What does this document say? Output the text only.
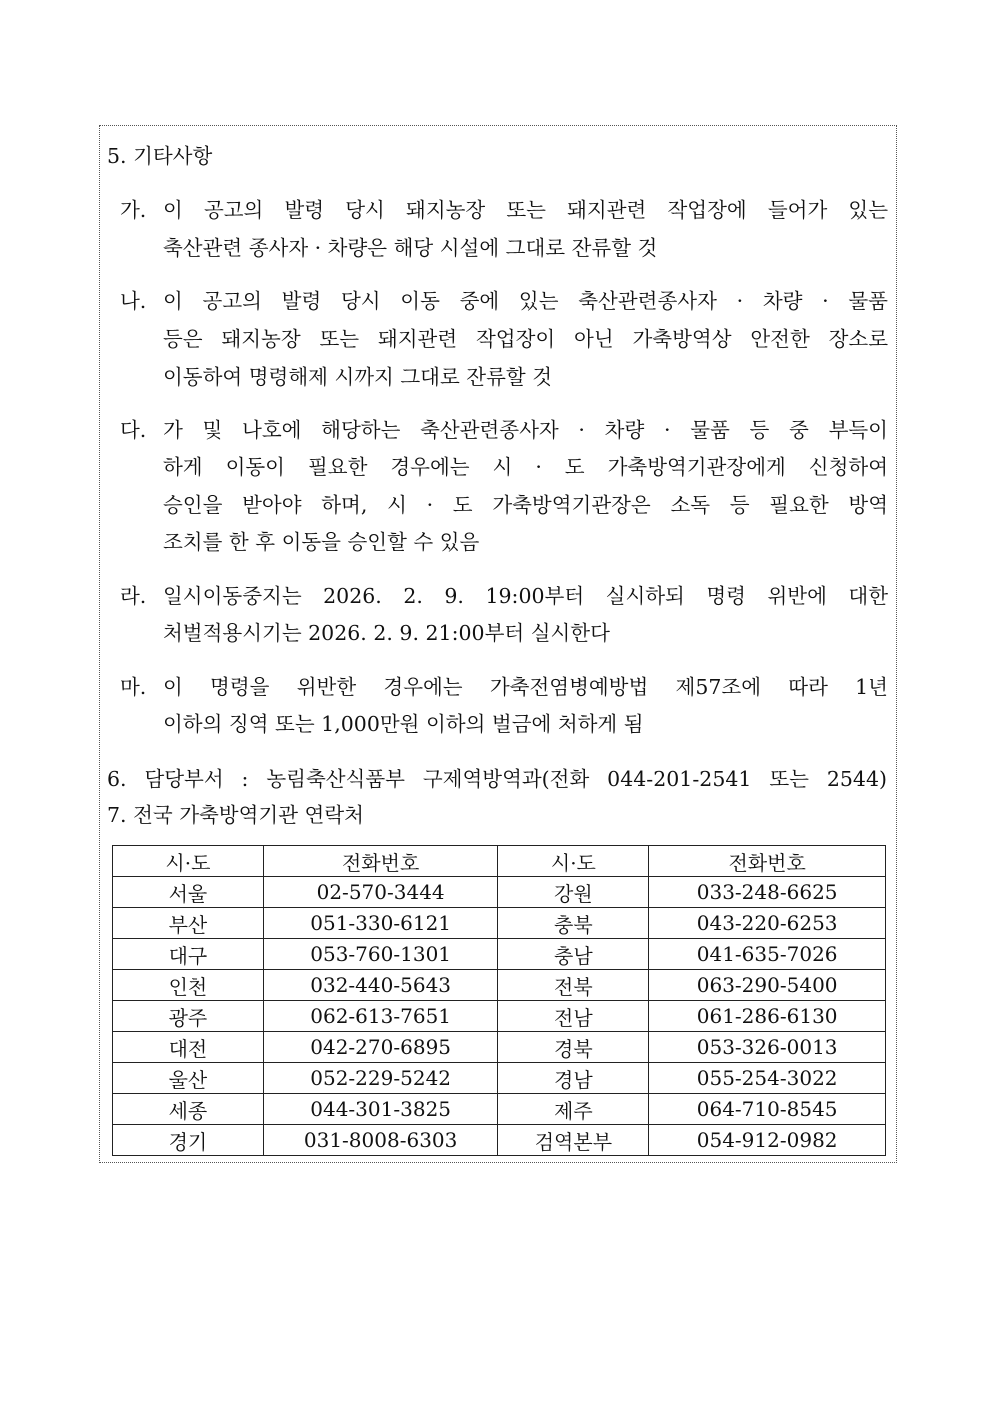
5. 기타사항
가. 이 공고의 발령 당시 돼지농장 또는 돼지관련 작업장에 들어가 있는
축산관련 종사자 · 차량은 해당 시설에 그대로 잔류할 것
나. 이 공고의 발령 당시 이동 중에 있는 축산관련종사자 · 차량 · 물품
등은 돼지농장 또는 돼지관련 작업장이 아닌 가축방역상 안전한 장소로
이동하여 명령해제 시까지 그대로 잔류할 것
다. 가 및 나호에 해당하는 축산관련종사자 · 차량 · 물품 등 중 부득이
하게 이동이 필요한 경우에는 시 · 도 가축방역기관장에게 신청하여
승인을 받아야 하며, 시 · 도 가축방역기관장은 소독 등 필요한 방역
조치를 한 후 이동을 승인할 수 있음
라. 일시이동중지는 2026. 2. 9. 19:00부터 실시하되 명령 위반에 대한
처벌적용시기는 2026. 2. 9. 21:00부터 실시한다
마. 이 명령을 위반한 경우에는 가축전염병예방법 제57조에 따라 1년
이하의 징역 또는 1,000만원 이하의 벌금에 처하게 됨
6. 담당부서 : 농림축산식품부 구제역방역과(전화 044-201-2541 또는 2544)
7. 전국 가축방역기관 연락처
시·도	전화번호	시·도	전화번호
서울	02-570-3444	강원	033-248-6625
부산	051-330-6121	충북	043-220-6253
대구	053-760-1301	충남	041-635-7026
인천	032-440-5643	전북	063-290-5400
광주	062-613-7651	전남	061-286-6130
대전	042-270-6895	경북	053-326-0013
울산	052-229-5242	경남	055-254-3022
세종	044-301-3825	제주	064-710-8545
경기	031-8008-6303	검역본부	054-912-0982
